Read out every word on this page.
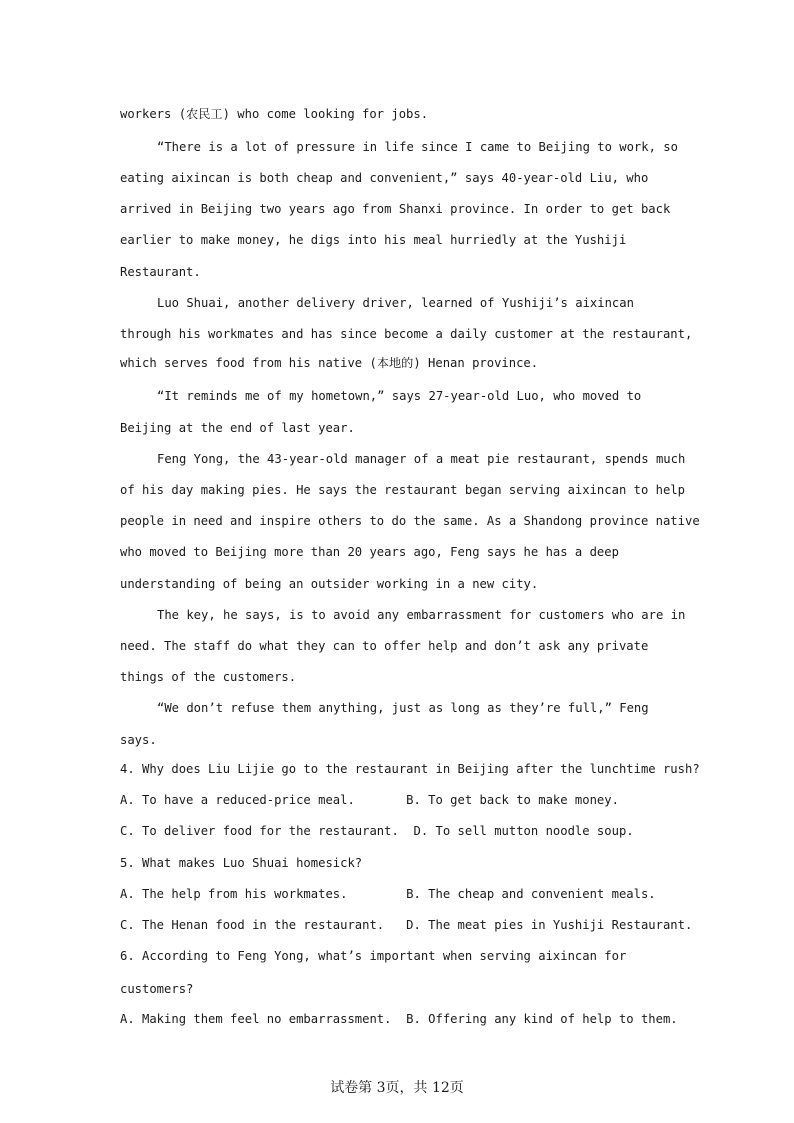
workers (农民工) who come looking for jobs.
“There is a lot of pressure in life since I came to Beijing to work, so
eating aixincan is both cheap and convenient,” says 40-year-old Liu, who
arrived in Beijing two years ago from Shanxi province. In order to get back
earlier to make money, he digs into his meal hurriedly at the Yushiji
Restaurant.
Luo Shuai, another delivery driver, learned of Yushiji’s aixincan
through his workmates and has since become a daily customer at the restaurant,
which serves food from his native (本地的) Henan province.
“It reminds me of my hometown,” says 27-year-old Luo, who moved to
Beijing at the end of last year.
Feng Yong, the 43-year-old manager of a meat pie restaurant, spends much
of his day making pies. He says the restaurant began serving aixincan to help
people in need and inspire others to do the same. As a Shandong province native
who moved to Beijing more than 20 years ago, Feng says he has a deep
understanding of being an outsider working in a new city.
The key, he says, is to avoid any embarrassment for customers who are in
need. The staff do what they can to offer help and don’t ask any private
things of the customers.
“We don’t refuse them anything, just as long as they’re full,” Feng
says.
4. Why does Liu Lijie go to the restaurant in Beijing after the lunchtime rush?
A. To have a reduced-price meal.       B. To get back to make money.
C. To deliver food for the restaurant.  D. To sell mutton noodle soup.
5. What makes Luo Shuai homesick?
A. The help from his workmates.        B. The cheap and convenient meals.
C. The Henan food in the restaurant.   D. The meat pies in Yushiji Restaurant.
6. According to Feng Yong, what’s important when serving aixincan for
customers?
A. Making them feel no embarrassment.  B. Offering any kind of help to them.
试卷第 3页，共 12页
